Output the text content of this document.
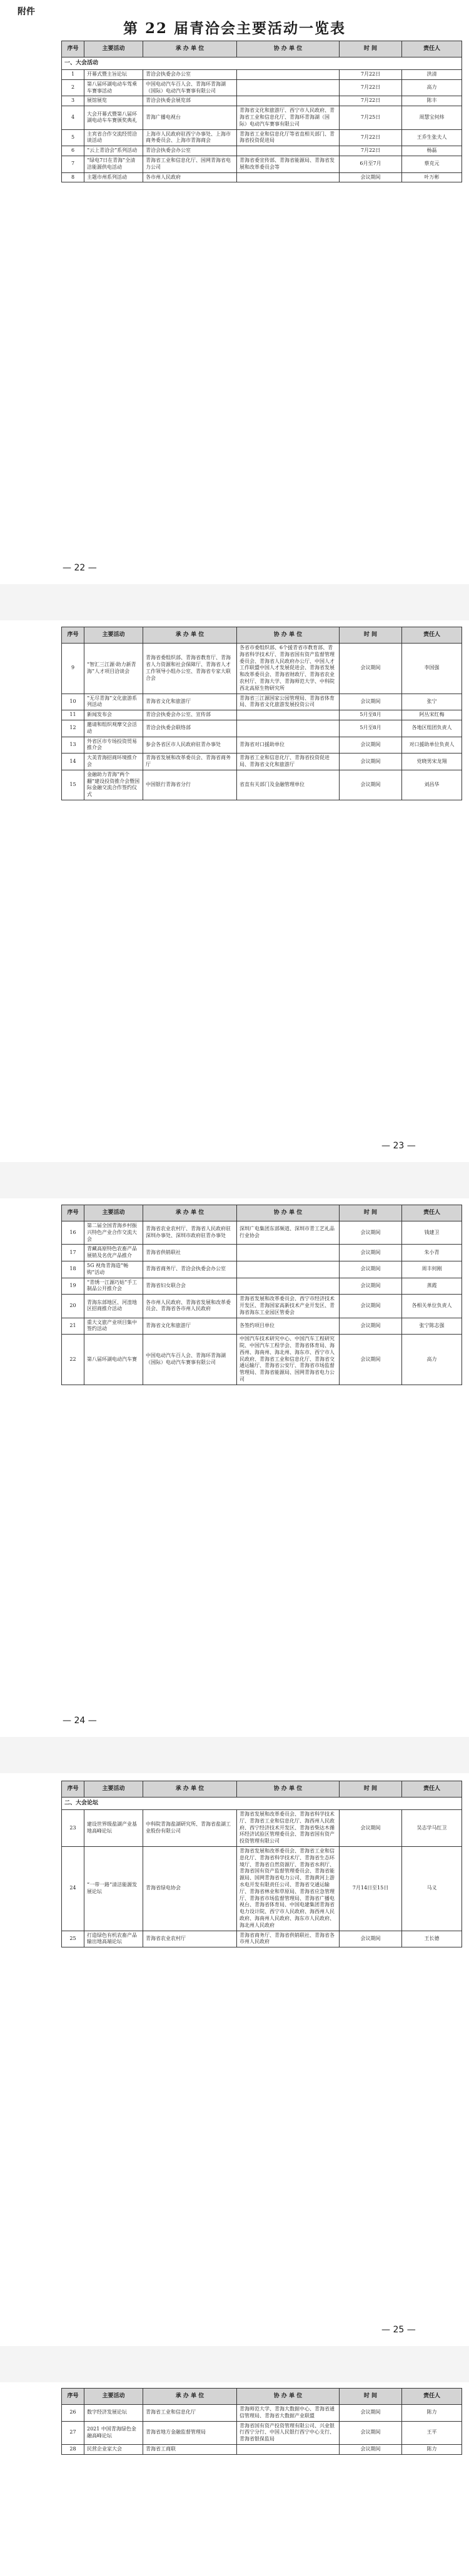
附件
第 22 届青洽会主要活动一览表
序号	主要活动	承 办 单 位	协 办 单 位	时 间	责任人
一、大会活动					
1	开幕式暨主旨论坛	青洽会执委会办公室		7月22日	洪清
2	第八届环湖电动车驾乘车赛事活动	中国电动汽车百人会、青海环青海湖（国际）电动汽车赛事有限公司		7月22日	高力
3	展馆展览	青洽会执委会展览部		7月22日	陈丰
4	大会开幕式暨第八届环湖电动车车赛颁奖典礼	青海广播电视台	青海省文化和旅游厅、西宁市人民政府、青海省工业和信息化厅、青海环青海湖（国际）电动汽车赛事有限公司	7月25日	周慧宝何炜
5	主宾省合作交流经贸洽谈活动	上海市人民政府驻西宁办事处、上海市商务委员会、上海市青海商会	青海省工业和信息化厅等省直相关部门、青海省投资促进局	7月22日	王乔生张夫人
6	“云上青洽会”系列活动	青洽会执委会办公室		7月22日	杨磊
7	“绿电7日在青海”全清洁能源供电活动	青海省工业和信息化厅、国网青海省电力公司	青海省委宣传部、青海省能源局、青海省发展和改革委员会等	6月至7月	蔡克元
8	主题市州系列活动	各市州人民政府		会议期间	叶万彬
— 22 —
序号	主要活动	承 办 单 位	协 办 单 位	时 间	责任人
9	“智汇三江源·助力新青海”人才项目洽谈会	青海省委组织部、青海省教育厅、青海省人力资源和社会保障厅、青海省人才工作领导小组办公室、青海省专家大联合会	各省市委组织部、6个援青省市教育部、青海省科学技术厅、青海省国有资产监督管理委员会、青海省人民政府办公厅、中国人才工作联盟中国人才发展促进会、青海省发展和改革委员会、青海省财政厅、青海省农业农村厅、青海大学、青海师范大学、中科院西北高原生物研究所	会议期间	李国强
10	“无尽青海”文化旅游系列活动	青海省文化和旅游厅	青海省三江源国家公园管理局、青海省体育局、青海省文化旅游发展投资公司	会议期间	张宁
11	新闻发布会	青洽会执委会办公室、宣传部		5月至8月	阿丛宋红梅
12	邀请和组织观摩交会活动	青洽会执委会联络部		5月至8月	各地区组团负责人
13	外省区市专场投资贸易推介会	参会各省区市人民政府驻青办事处	青海省对口援助单位	会议期间	对口援助单位负责人
14	大美青海招商环境推介会	青海省发展和改革委员会、青海省商务厅	青海省工业和信息化厅、青海省投资促进局、青海省文化和旅游厅	会议期间	党晓男宋龙翔
15	金融助力青海“两个翻”建设投资推介会暨国际金融交流合作签约仪式	中国银行青海省分行	省直有关部门及金融管理单位	会议期间	刘昌华
— 23 —
序号	主要活动	承 办 单 位	协 办 单 位	时 间	责任人
16	第二届全国青海乡村振兴特色产业合作交流大会	青海省农业农村厅、青海省人民政府驻深圳办事处、深圳市政府驻青办事处	深圳广电集团东部频道、深圳市青工艺礼品行业协会	会议期间	钱建卫
17	青藏高原特色农畜产品展销及名优产品推介	青海省供销联社		会议期间	朱小青
18	5G 视角青海造“畅购”活动	青海省商务厅、青洽会执委会办公室		会议期间	周丰何刚
19	“青绣一江源巧姑”手工制品公开推介会	青海省妇女联合会		会议期间	蒸霞
20	青海东部地区、河湟地区招商推介活动	各市州人民政府、青海省发展和改革委员会、青海省各市州人民政府	青海省发展和改革委员会、西宁市经济技术开发区、青海国家高新技术产业开发区、青海省海东工业园区管委会	会议期间	各相关单位负责人
21	重大文旅产业项目集中签约活动	青海省文化和旅游厅	各签约项目单位	会议期间	张宁陈志强
22	第八届环湖电动汽车赛	中国电动汽车百人会、青海环青海湖（国际）电动汽车赛事有限公司	中国汽车技术研究中心、中国汽车工程研究院、中国汽车工程学会、青海省体育局、海西州、海南州、海北州、海东市、西宁市人民政府、青海省工业和信息化厅、青海省交通运输厅、青海省公安厅、青海省市场监督管理局、青海省能源局、国网青海省电力公司	会议期间	高力
— 24 —
序号	主要活动	承 办 单 位	协 办 单 位	时 间	责任人
二、大会论坛					
23	建设世界级盐湖产业基地高峰论坛	中科院青海盐湖研究所、青海省盐湖工业股份有限公司	青海省发展和改革委员会、青海省科学技术厅、青海省工业和信息化厅、海西州人民政府、西宁经济技术开发区、青海省柴达木循环经济试验区管理委员会、青海省国有资产投资管理有限公司	会议期间	吴志学马红卫
24	“一带一路”清洁能源发展论坛	青海省绿电协会	青海省发展和改革委员会、青海省工业和信息化厅、青海省科学技术厅、青海省生态环境厅、青海省自然资源厅、青海省水利厅、青海省国有资产监督管理委员会、青海省能源局、国网青海省电力公司、青海黄河上游水电开发有限责任公司、青海省交通运输厅、青海省林业和草原局、青海省应急管理厅、青海省市场监督管理局、青海省广播电视台、青海省体育局、中国电建集团青海省电力设计院、西宁市人民政府、海西州人民政府、海南州人民政府、海东市人民政府、海北州人民政府	7月14日至15日	马义
25	打造绿色有机农畜产品输出地高端论坛	青海省农业农村厅	青海省商务厅、青海省供销联社、青海省各市州人民政府	会议期间	王长德
— 25 —
序号	主要活动	承 办 单 位	协 办 单 位	时 间	责任人
26	数字经济发展论坛	青海省工业和信息化厅	青海师范大学、青海大数据中心、青海省通信管理局、青海省大数据产业联盟	会议期间	陈力
27	2021 中国青海绿色金融高峰论坛	青海省地方金融监督管理局	青海省国有资产投资管理有限公司、兴业银行西宁分行、中国人民银行西宁中心支行、青海省银保监局	会议期间	王平
28	民营企业家大会	青海省工商联		会议期间	陈力
